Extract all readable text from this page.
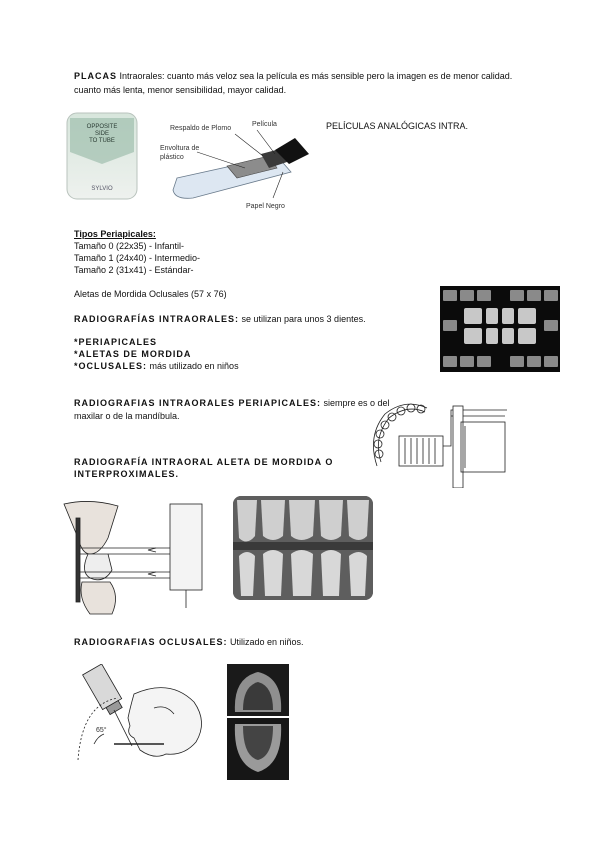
PLACAS Intraorales: cuanto más veloz sea la película es más sensible pero la imagen es de menor calidad.
cuanto más lenta, menor sensibilidad, mayor calidad.
OPPOSITE
SIDE
TO TUBE
SYLVIO
Respaldo de Plomo
Película
Envoltura de plástico
Papel Negro
PELÍCULAS ANALÓGICAS INTRA.
Tipos Periapicales:
Tamaño 0 (22x35) - Infantil-
Tamaño 1 (24x40) - Intermedio-
Tamaño 2 (31x41) - Estándar-
Aletas de Mordida Oclusales (57 x 76)
RADIOGRAFÍAS INTRAORALES: se utilizan para unos 3 dientes.
*PERIAPICALES
*ALETAS DE MORDIDA
*OCLUSALES: más utilizado en niños
RADIOGRAFIAS INTRAORALES PERIAPICALES: siempre es o del
maxilar o de la mandíbula.
RADIOGRAFÍA INTRAORAL ALETA DE MORDIDA O
INTERPROXIMALES.
RADIOGRAFIAS OCLUSALES: Utilizado en niños.
65°
